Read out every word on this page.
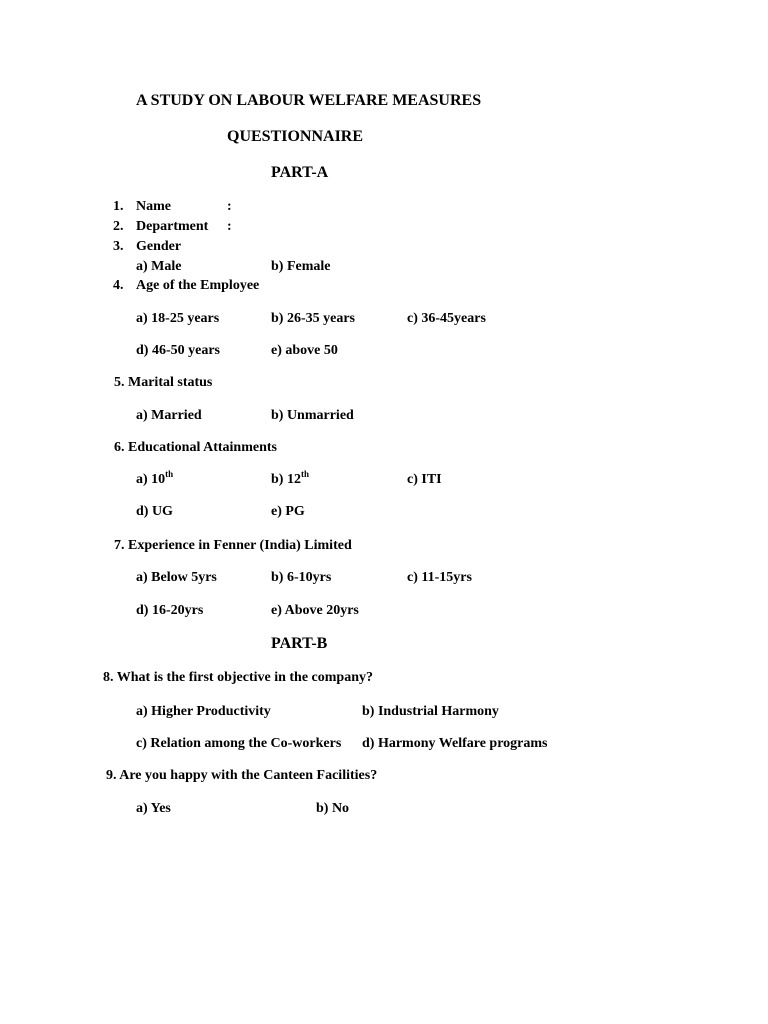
A STUDY ON LABOUR WELFARE MEASURES
QUESTIONNAIRE
PART-A
1. Name	:
2. Department :
3. Gender
a) Male	b) Female
4. Age of the Employee
a) 18-25 years	b) 26-35 years	c) 36-45years
d) 46-50 years	e) above 50
5. Marital status
a) Married	b) Unmarried
6. Educational Attainments
a) 10th	b) 12th	c) ITI
d) UG	e) PG
7. Experience in Fenner (India) Limited
a) Below 5yrs	b) 6-10yrs	c) 11-15yrs
d) 16-20yrs	e) Above 20yrs
PART-B
8. What is the first objective in the company?
a) Higher Productivity	b) Industrial Harmony
c) Relation among the Co-workers d) Harmony Welfare programs
9. Are you happy with the Canteen Facilities?
a) Yes	b) No
